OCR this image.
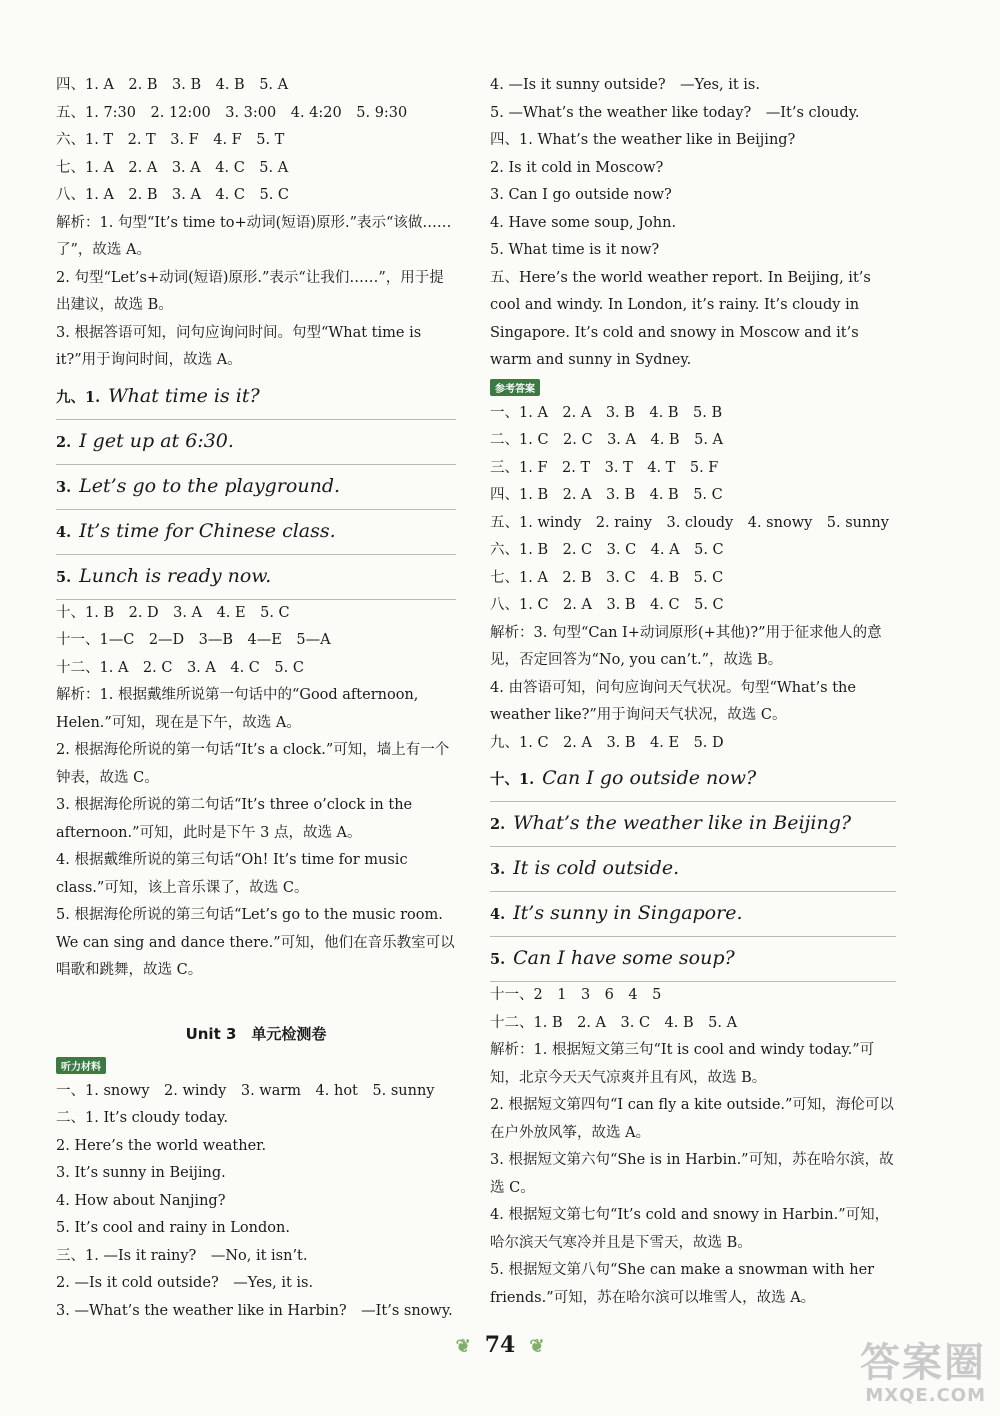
四、1. A　2. B　3. B　4. B　5. A
五、1. 7:30　2. 12:00　3. 3:00　4. 4:20　5. 9:30
六、1. T　2. T　3. F　4. F　5. T
七、1. A　2. A　3. A　4. C　5. A
八、1. A　2. B　3. A　4. C　5. C
解析：1. 句型“It’s time to+动词(短语)原形.”表示“该做……了”，故选 A。
2. 句型“Let’s+动词(短语)原形.”表示“让我们……”，用于提出建议，故选 B。
3. 根据答语可知，问句应询问时间。句型“What time is it?”用于询问时间，故选 A。
九、1. What time is it?
2. I get up at 6:30.
3. Let’s go to the playground.
4. It’s time for Chinese class.
5. Lunch is ready now.
十、1. B　2. D　3. A　4. E　5. C
十一、1—C　2—D　3—B　4—E　5—A
十二、1. A　2. C　3. A　4. C　5. C
解析：1. 根据戴维所说第一句话中的“Good afternoon, Helen.”可知，现在是下午，故选 A。
2. 根据海伦所说的第一句话“It’s a clock.”可知，墙上有一个钟表，故选 C。
3. 根据海伦所说的第二句话“It’s three o’clock in the afternoon.”可知，此时是下午 3 点，故选 A。
4. 根据戴维所说的第三句话“Oh! It’s time for music class.”可知，该上音乐课了，故选 C。
5. 根据海伦所说的第三句话“Let’s go to the music room. We can sing and dance there.”可知，他们在音乐教室可以唱歌和跳舞，故选 C。
Unit 3　单元检测卷
听力材料
一、1. snowy　2. windy　3. warm　4. hot　5. sunny
二、1. It’s cloudy today.
2. Here’s the world weather.
3. It’s sunny in Beijing.
4. How about Nanjing?
5. It’s cool and rainy in London.
三、1. —Is it rainy?　—No, it isn’t.
2. —Is it cold outside?　—Yes, it is.
3. —What’s the weather like in Harbin?　—It’s snowy.
4. —Is it sunny outside?　—Yes, it is.
5. —What’s the weather like today?　—It’s cloudy.
四、1. What’s the weather like in Beijing?
2. Is it cold in Moscow?
3. Can I go outside now?
4. Have some soup, John.
5. What time is it now?
五、Here’s the world weather report. In Beijing, it’s cool and windy. In London, it’s rainy. It’s cloudy in Singapore. It’s cold and snowy in Moscow and it’s warm and sunny in Sydney.
参考答案
一、1. A　2. A　3. B　4. B　5. B
二、1. C　2. C　3. A　4. B　5. A
三、1. F　2. T　3. T　4. T　5. F
四、1. B　2. A　3. B　4. B　5. C
五、1. windy　2. rainy　3. cloudy　4. snowy　5. sunny
六、1. B　2. C　3. C　4. A　5. C
七、1. A　2. B　3. C　4. B　5. C
八、1. C　2. A　3. B　4. C　5. C
解析：3. 句型“Can I+动词原形(+其他)?”用于征求他人的意见，否定回答为“No, you can’t.”，故选 B。
4. 由答语可知，问句应询问天气状况。句型“What’s the weather like?”用于询问天气状况，故选 C。
九、1. C　2. A　3. B　4. E　5. D
十、1. Can I go outside now?
2. What’s the weather like in Beijing?
3. It is cold outside.
4. It’s sunny in Singapore.
5. Can I have some soup?
十一、2　1　3　6　4　5
十二、1. B　2. A　3. C　4. B　5. A
解析：1. 根据短文第三句“It is cool and windy today.”可知，北京今天天气凉爽并且有风，故选 B。
2. 根据短文第四句“I can fly a kite outside.”可知，海伦可以在户外放风筝，故选 A。
3. 根据短文第六句“She is in Harbin.”可知，苏在哈尔滨，故选 C。
4. 根据短文第七句“It’s cold and snowy in Harbin.”可知，哈尔滨天气寒冷并且是下雪天，故选 B。
5. 根据短文第八句“She can make a snowman with her friends.”可知，苏在哈尔滨可以堆雪人，故选 A。
❦ 74 ❦	答案圈
MXQE.COM
